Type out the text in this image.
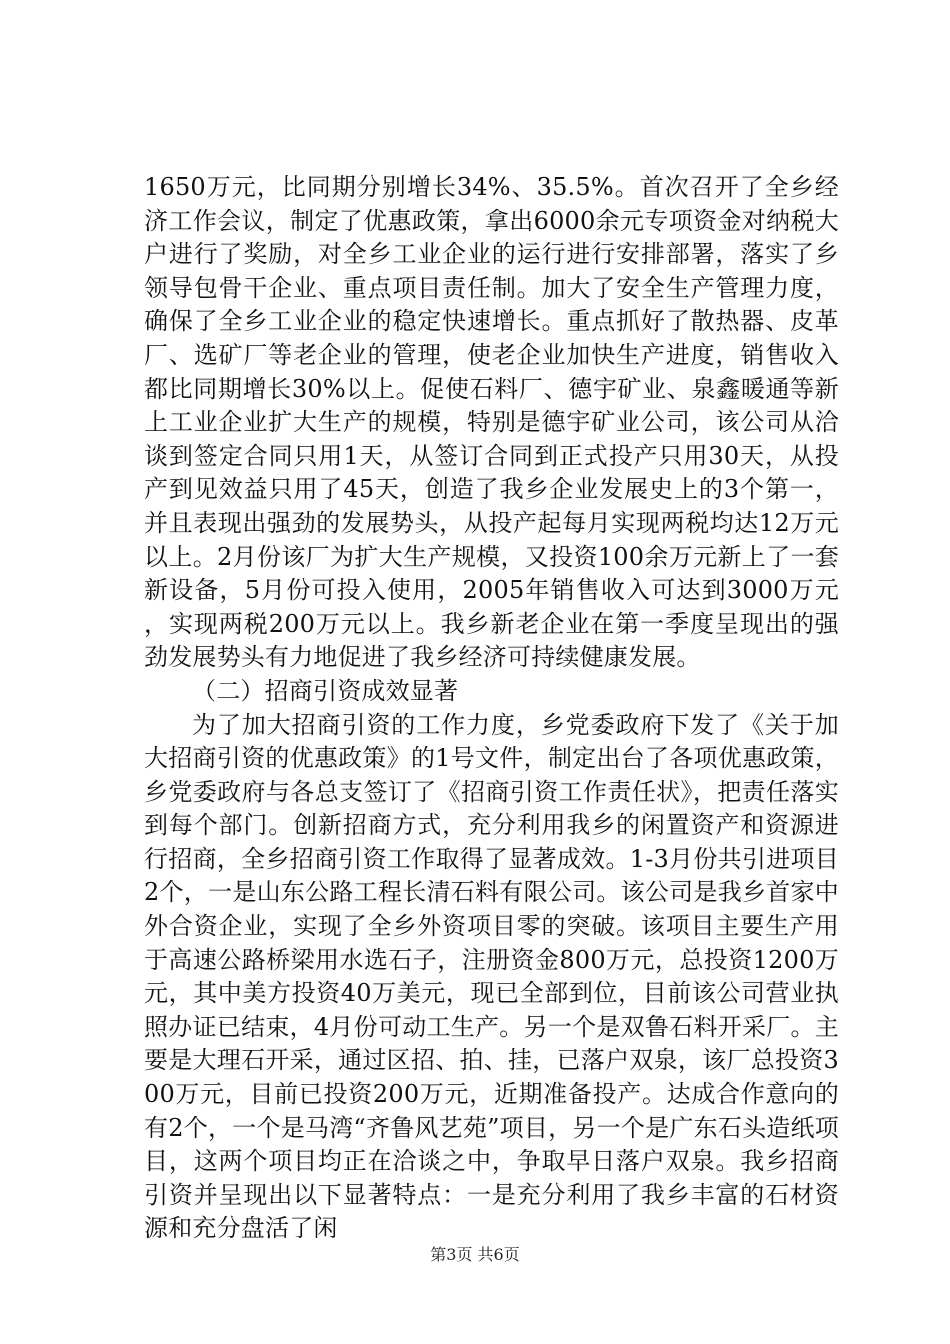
1650万元，比同期分别增长34%、35.5%。首次召开了全乡经济工作会议，制定了优惠政策，拿出6000余元专项资金对纳税大户进行了奖励，对全乡工业企业的运行进行安排部署，落实了乡领导包骨干企业、重点项目责任制。加大了安全生产管理力度，确保了全乡工业企业的稳定快速增长。重点抓好了散热器、皮革厂、选矿厂等老企业的管理，使老企业加快生产进度，销售收入都比同期增长30%以上。促使石料厂、德宇矿业、泉鑫暖通等新上工业企业扩大生产的规模，特别是德宇矿业公司，该公司从洽谈到签定合同只用1天，从签订合同到正式投产只用30天，从投产到见效益只用了45天，创造了我乡企业发展史上的3个第一，并且表现出强劲的发展势头，从投产起每月实现两税均达12万元以上。2月份该厂为扩大生产规模，又投资100余万元新上了一套新设备，5月份可投入使用，2005年销售收入可达到3000万元，实现两税200万元以上。我乡新老企业在第一季度呈现出的强劲发展势头有力地促进了我乡经济可持续健康发展。

（二）招商引资成效显著

为了加大招商引资的工作力度，乡党委政府下发了《关于加大招商引资的优惠政策》的1号文件，制定出台了各项优惠政策，乡党委政府与各总支签订了《招商引资工作责任状》，把责任落实到每个部门。创新招商方式，充分利用我乡的闲置资产和资源进行招商，全乡招商引资工作取得了显著成效。1-3月份共引进项目2个，一是山东公路工程长清石料有限公司。该公司是我乡首家中外合资企业，实现了全乡外资项目零的突破。该项目主要生产用于高速公路桥梁用水选石子，注册资金800万元，总投资1200万元，其中美方投资40万美元，现已全部到位，目前该公司营业执照办证已结束，4月份可动工生产。另一个是双鲁石料开采厂。主要是大理石开采，通过区招、拍、挂，已落户双泉，该厂总投资300万元，目前已投资200万元，近期准备投产。达成合作意向的有2个，一个是马湾“齐鲁风艺苑”项目，另一个是广东石头造纸项目，这两个项目均正在洽谈之中，争取早日落户双泉。我乡招商引资并呈现出以下显著特点：一是充分利用了我乡丰富的石材资源和充分盘活了闲

第3页 共6页
